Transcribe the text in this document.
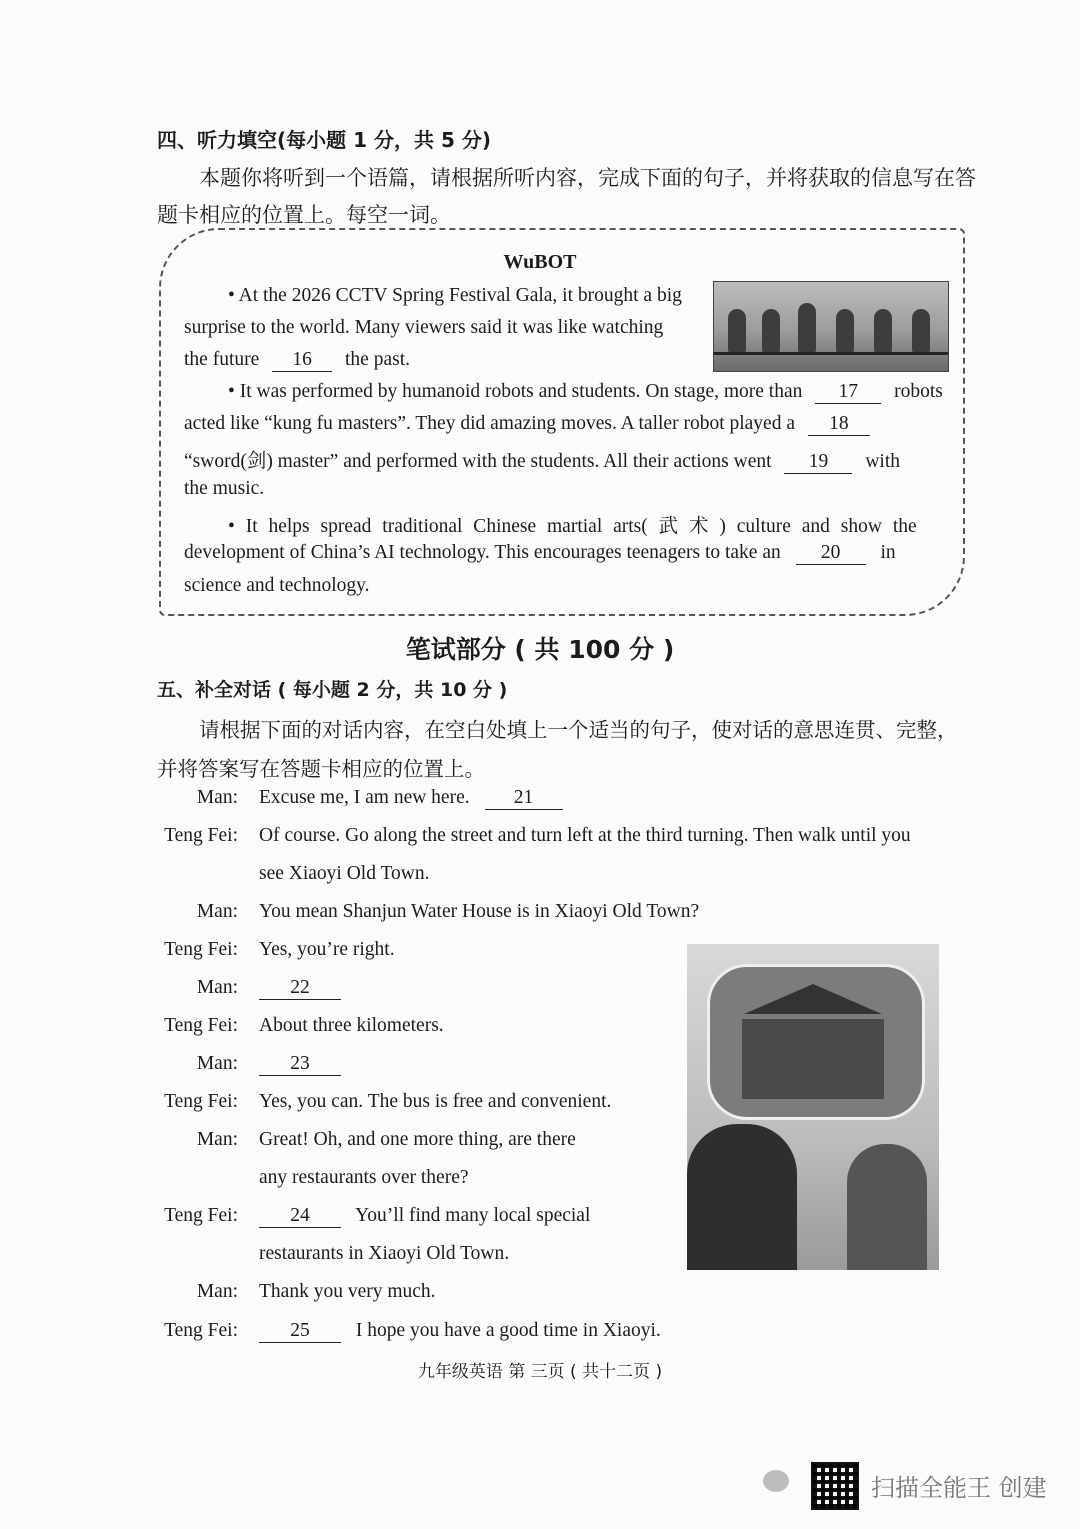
四、听力填空(每小题 1 分，共 5 分)
本题你将听到一个语篇，请根据所听内容，完成下面的句子，并将获取的信息写在答
题卡相应的位置上。每空一词。
WuBOT
• At the 2026 CCTV Spring Festival Gala, it brought a big
surprise to the world. Many viewers said it was like watching
the future 16 the past.
• It was performed by humanoid robots and students. On stage, more than 17 robots
acted like “kung fu masters”. They did amazing moves. A taller robot played a 18
“sword(剑) master” and performed with the students. All their actions went 19 with
the music.
• It helps spread traditional Chinese martial arts( 武 术 ) culture and show the
development of China’s AI technology. This encourages teenagers to take an 20 in
science and technology.
笔试部分 ( 共 100 分 )
五、补全对话 ( 每小题 2 分，共 10 分 )
请根据下面的对话内容，在空白处填上一个适当的句子，使对话的意思连贯、完整，
并将答案写在答题卡相应的位置上。
Man: Excuse me, I am new here. 21
Teng Fei: Of course. Go along the street and turn left at the third turning. Then walk until you
see Xiaoyi Old Town.
Man: You mean Shanjun Water House is in Xiaoyi Old Town?
Teng Fei: Yes, you’re right.
Man:	22
Teng Fei: About three kilometers.
Man:	23
Teng Fei: Yes, you can. The bus is free and convenient.
Man: Great! Oh, and one more thing, are there
any restaurants over there?
Teng Fei:	24 You’ll find many local special
restaurants in Xiaoyi Old Town.
Man: Thank you very much.
Teng Fei:	25 I hope you have a good time in Xiaoyi.
九年级英语 第 三页 ( 共十二页 )
扫描全能王 创建
